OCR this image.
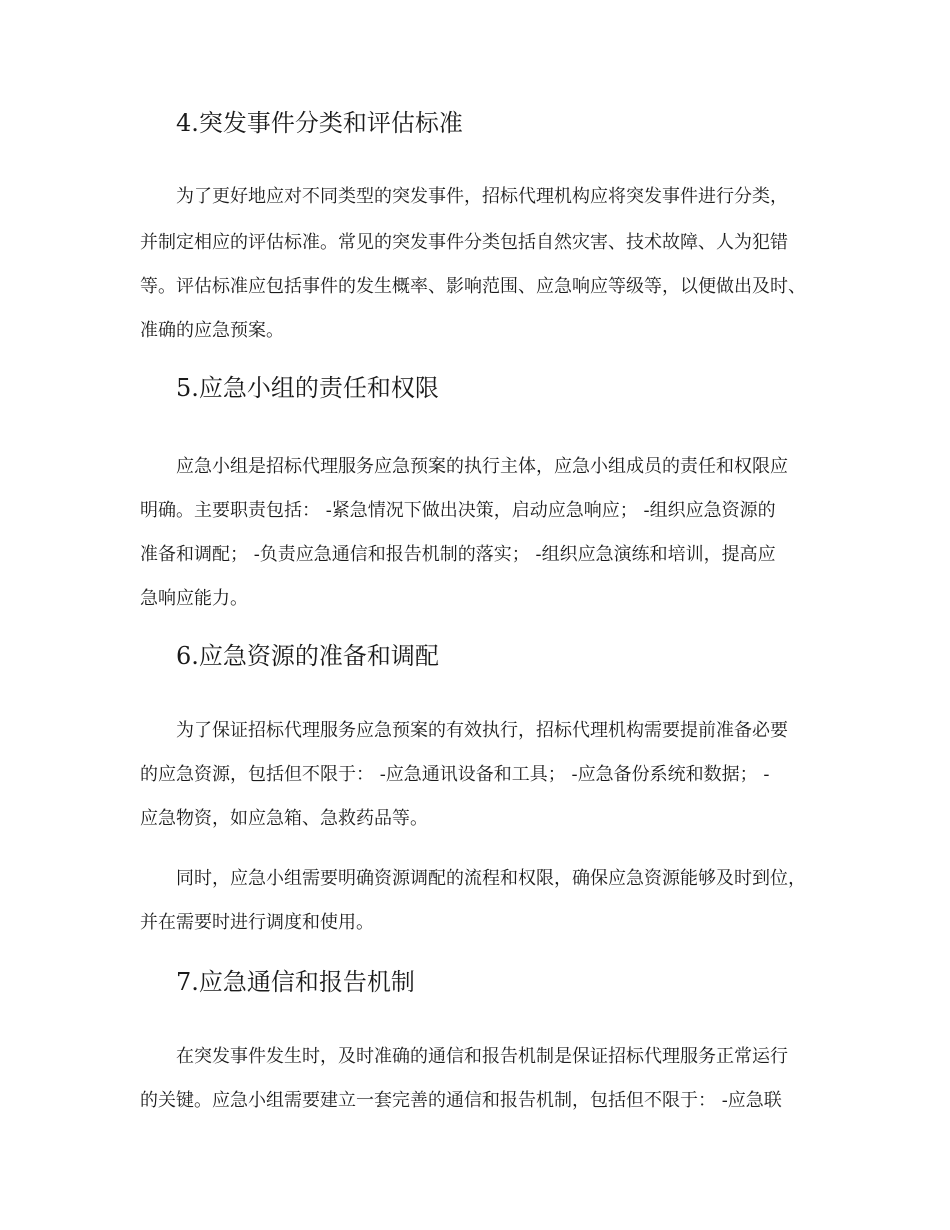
4.突发事件分类和评估标准

为了更好地应对不同类型的突发事件，招标代理机构应将突发事件进行分类，

并制定相应的评估标准。常见的突发事件分类包括自然灾害、技术故障、人为犯错

等。评估标准应包括事件的发生概率、影响范围、应急响应等级等，以便做出及时、

准确的应急预案。

5.应急小组的责任和权限

应急小组是招标代理服务应急预案的执行主体，应急小组成员的责任和权限应

明确。主要职责包括： -紧急情况下做出决策，启动应急响应； -组织应急资源的

准备和调配； -负责应急通信和报告机制的落实； -组织应急演练和培训，提高应

急响应能力。

6.应急资源的准备和调配

为了保证招标代理服务应急预案的有效执行，招标代理机构需要提前准备必要

的应急资源，包括但不限于： -应急通讯设备和工具； -应急备份系统和数据； -

应急物资，如应急箱、急救药品等。

同时，应急小组需要明确资源调配的流程和权限，确保应急资源能够及时到位，

并在需要时进行调度和使用。

7.应急通信和报告机制

在突发事件发生时，及时准确的通信和报告机制是保证招标代理服务正常运行

的关键。应急小组需要建立一套完善的通信和报告机制，包括但不限于： -应急联
